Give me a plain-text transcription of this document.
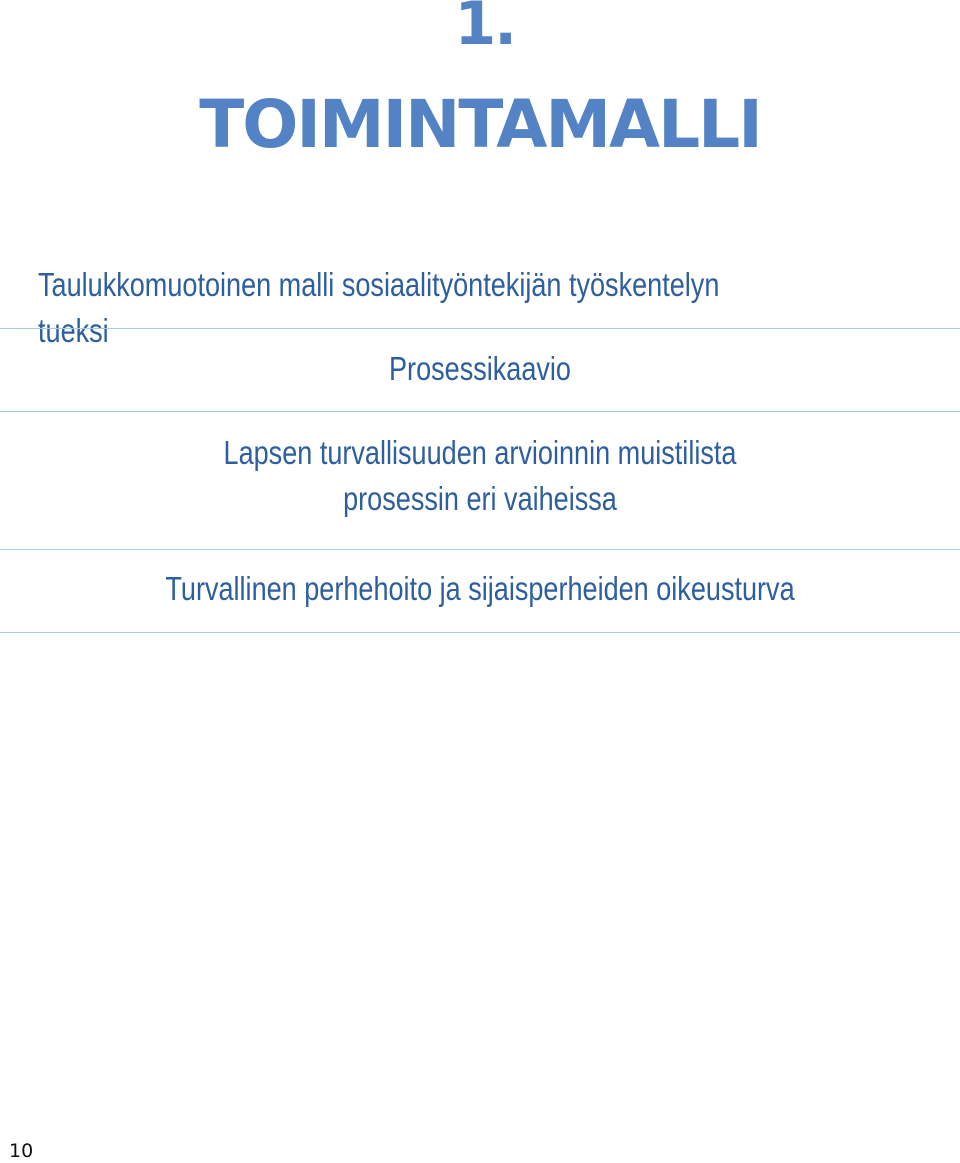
1.
TOIMINTAMALLI
Taulukkomuotoinen malli sosiaalityöntekijän työskentelyn tueksi
Prosessikaavio
Lapsen turvallisuuden arvioinnin muistilista
prosessin eri vaiheissa
Turvallinen perhehoito ja sijaisperheiden oikeusturva
10
